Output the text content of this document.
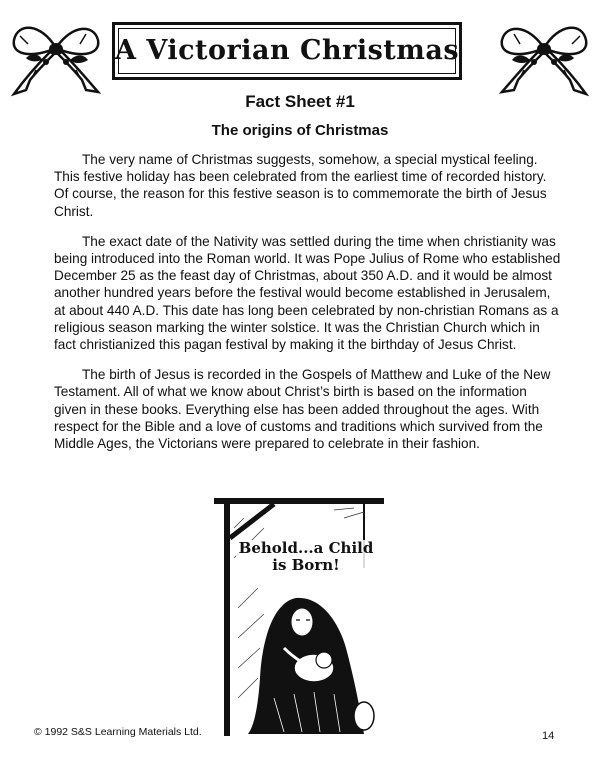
A Victorian Christmas
Fact Sheet #1
The origins of Christmas

The very name of Christmas suggests, somehow, a special mystical feeling. This festive holiday has been celebrated from the earliest time of recorded history. Of course, the reason for this festive season is to commemorate the birth of Jesus Christ.

The exact date of the Nativity was settled during the time when christianity was being introduced into the Roman world. It was Pope Julius of Rome who established December 25 as the feast day of Christmas, about 350 A.D. and it would be almost another hundred years before the festival would become established in Jerusalem, at about 440 A.D. This date has long been celebrated by non-christian Romans as a religious season marking the winter solstice. It was the Christian Church which in fact christianized this pagan festival by making it the birthday of Jesus Christ.

The birth of Jesus is recorded in the Gospels of Matthew and Luke of the New Testament. All of what we know about Christ’s birth is based on the information given in these books. Everything else has been added throughout the ages. With respect for the Bible and a love of customs and traditions which survived from the Middle Ages, the Victorians were prepared to celebrate in their fashion.

Behold...a Child
is Born!
© 1992 S&S Learning Materials Ltd.	14
